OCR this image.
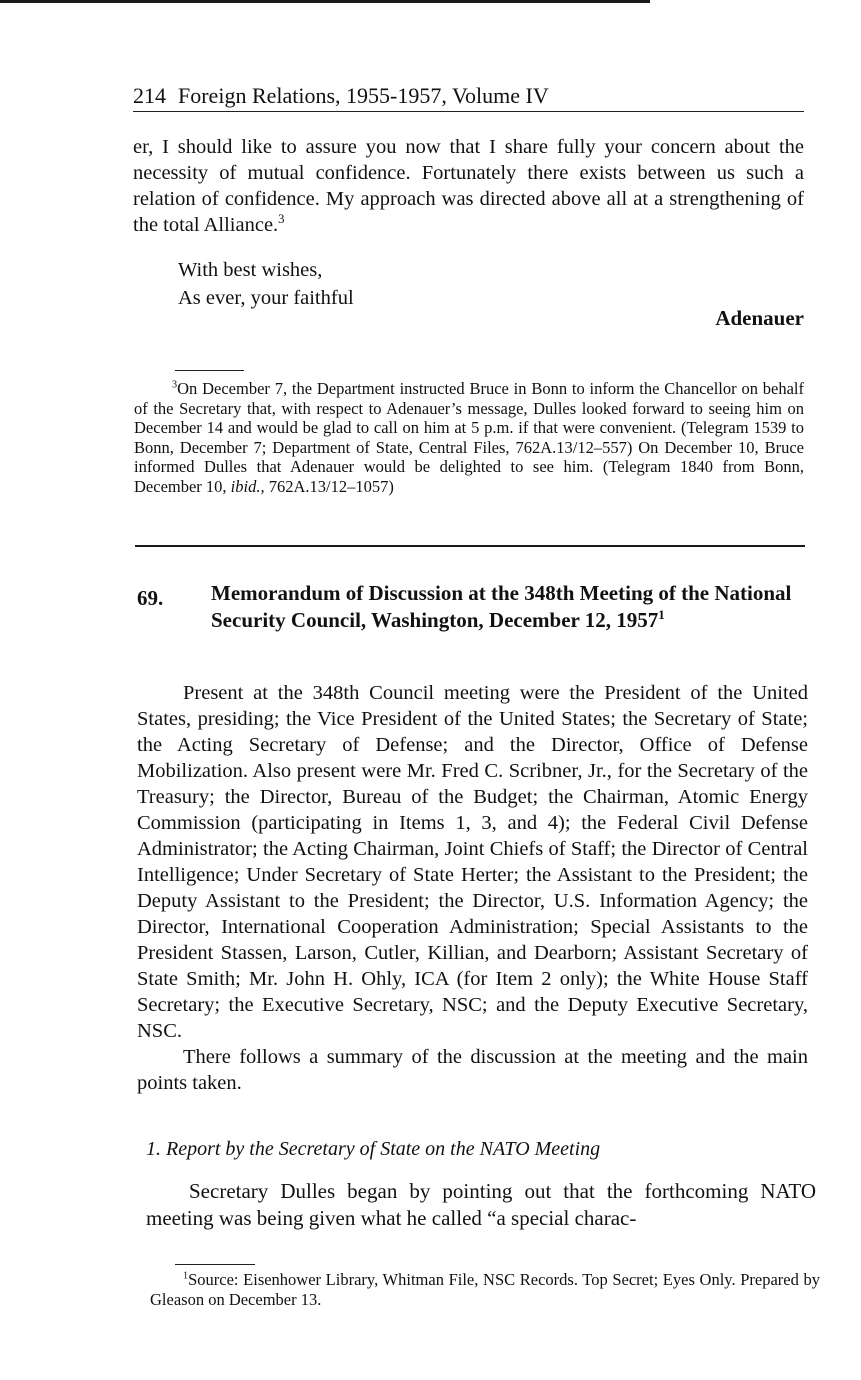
214 Foreign Relations, 1955-1957, Volume IV

er, I should like to assure you now that I share fully your concern about the necessity of mutual confidence. Fortunately there exists between us such a relation of confidence. My approach was directed above all at a strengthening of the total Alliance.$^3$

With best wishes,
As ever, your faithful
Adenauer

$^3$On December 7, the Department instructed Bruce in Bonn to inform the Chancellor on behalf of the Secretary that, with respect to Adenauer’s message, Dulles looked forward to seeing him on December 14 and would be glad to call on him at 5 p.m. if that were convenient. (Telegram 1539 to Bonn, December 7; Department of State, Central Files, 762A.13/12–557) On December 10, Bruce informed Dulles that Adenauer would be delighted to see him. (Telegram 1840 from Bonn, December 10, ibid., 762A.13/12–1057)

69. Memorandum of Discussion at the 348th Meeting of the National Security Council, Washington, December 12, 1957$^1$

Present at the 348th Council meeting were the President of the United States, presiding; the Vice President of the United States; the Secretary of State; the Acting Secretary of Defense; and the Director, Office of Defense Mobilization. Also present were Mr. Fred C. Scribner, Jr., for the Secretary of the Treasury; the Director, Bureau of the Budget; the Chairman, Atomic Energy Commission (participating in Items 1, 3, and 4); the Federal Civil Defense Administrator; the Acting Chairman, Joint Chiefs of Staff; the Director of Central Intelligence; Under Secretary of State Herter; the Assistant to the President; the Deputy Assistant to the President; the Director, U.S. Information Agency; the Director, International Cooperation Administration; Special Assistants to the President Stassen, Larson, Cutler, Killian, and Dearborn; Assistant Secretary of State Smith; Mr. John H. Ohly, ICA (for Item 2 only); the White House Staff Secretary; the Executive Secretary, NSC; and the Deputy Executive Secretary, NSC.

There follows a summary of the discussion at the meeting and the main points taken.

1. Report by the Secretary of State on the NATO Meeting

Secretary Dulles began by pointing out that the forthcoming NATO meeting was being given what he called “a special charac-

$^1$Source: Eisenhower Library, Whitman File, NSC Records. Top Secret; Eyes Only. Prepared by Gleason on December 13.
